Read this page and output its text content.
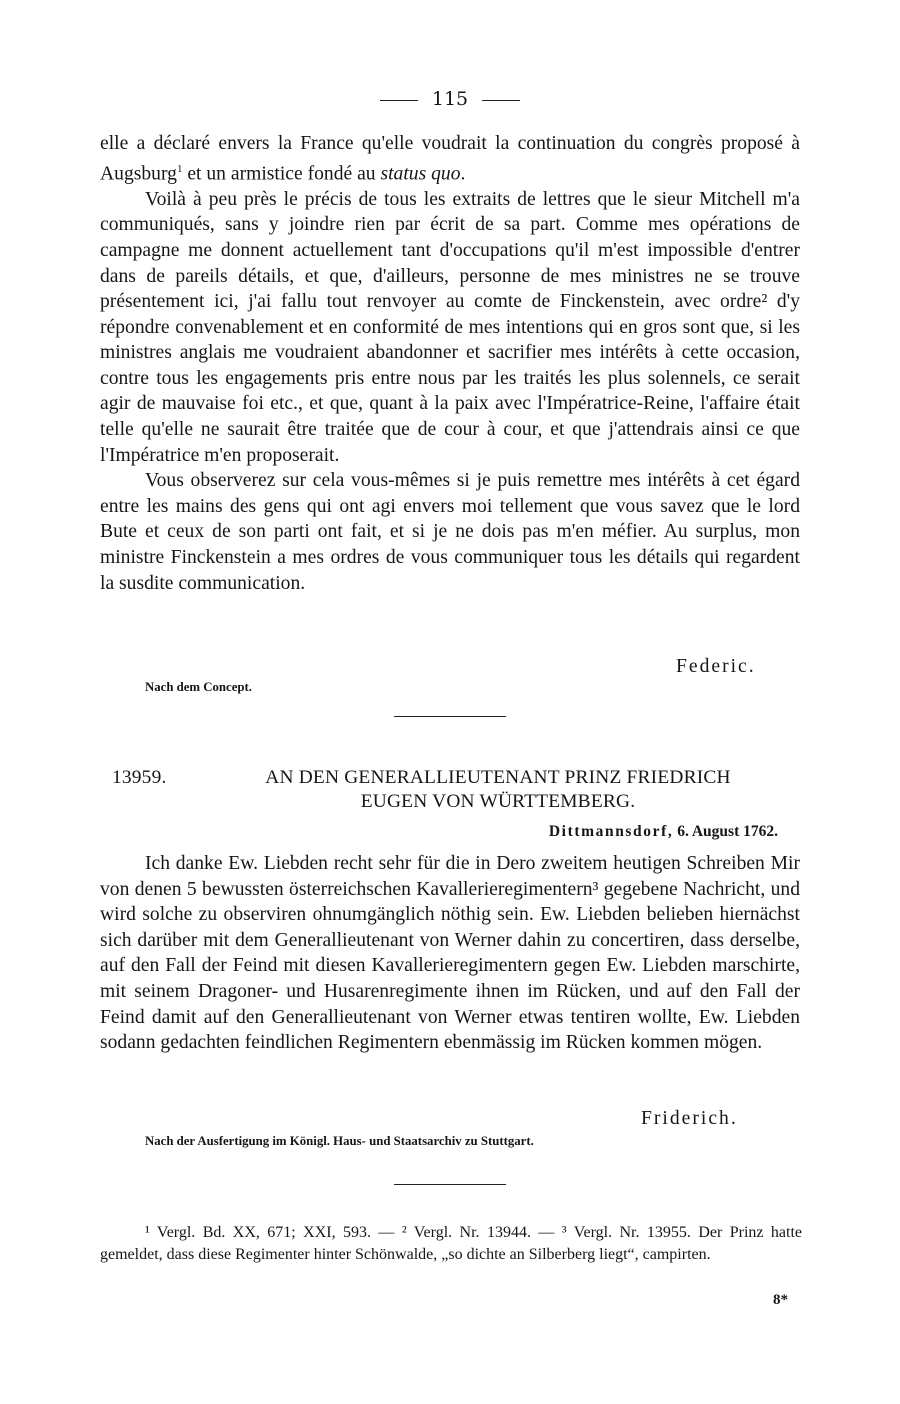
115

elle a déclaré envers la France qu'elle voudrait la continuation du congrès proposé à Augsburg$^1$ et un armistice fondé au status quo.

Voilà à peu près le précis de tous les extraits de lettres que le sieur Mitchell m'a communiqués, sans y joindre rien par écrit de sa part. Comme mes opérations de campagne me donnent actuellement tant d'occupations qu'il m'est impossible d'entrer dans de pareils détails, et que, d'ailleurs, personne de mes ministres ne se trouve présentement ici, j'ai fallu tout renvoyer au comte de Finckenstein, avec ordre² d'y répondre convenablement et en conformité de mes intentions qui en gros sont que, si les ministres anglais me voudraient abandonner et sacrifier mes intérêts à cette occasion, contre tous les engagements pris entre nous par les traités les plus solennels, ce serait agir de mauvaise foi etc., et que, quant à la paix avec l'Impératrice-Reine, l'affaire était telle qu'elle ne saurait être traitée que de cour à cour, et que j'attendrais ainsi ce que l'Impératrice m'en proposerait.

Vous observerez sur cela vous-mêmes si je puis remettre mes intérêts à cet égard entre les mains des gens qui ont agi envers moi tellement que vous savez que le lord Bute et ceux de son parti ont fait, et si je ne dois pas m'en méfier. Au surplus, mon ministre Finckenstein a mes ordres de vous communiquer tous les détails qui regardent la susdite communication.

Federic.
Nach dem Concept.
13959.	AN DEN GENERALLIEUTENANT PRINZ FRIEDRICH
EUGEN VON WÜRTTEMBERG.
Dittmannsdorf, 6. August 1762.

Ich danke Ew. Liebden recht sehr für die in Dero zweitem heutigen Schreiben Mir von denen 5 bewussten österreichschen Kavallerieregimentern³ gegebene Nachricht, und wird solche zu observiren ohnumgänglich nöthig sein. Ew. Liebden belieben hiernächst sich darüber mit dem Generallieutenant von Werner dahin zu concertiren, dass derselbe, auf den Fall der Feind mit diesen Kavallerieregimentern gegen Ew. Liebden marschirte, mit seinem Dragoner- und Husarenregimente ihnen im Rücken, und auf den Fall der Feind damit auf den Generallieutenant von Werner etwas tentiren wollte, Ew. Liebden sodann gedachten feindlichen Regimentern ebenmässig im Rücken kommen mögen.

Friderich.
Nach der Ausfertigung im Königl. Haus- und Staatsarchiv zu Stuttgart.

¹ Vergl. Bd. XX, 671; XXI, 593. — ² Vergl. Nr. 13944. — ³ Vergl. Nr. 13955. Der Prinz hatte gemeldet, dass diese Regimenter hinter Schönwalde, „so dichte an Silberberg liegt“, campirten.

8*
